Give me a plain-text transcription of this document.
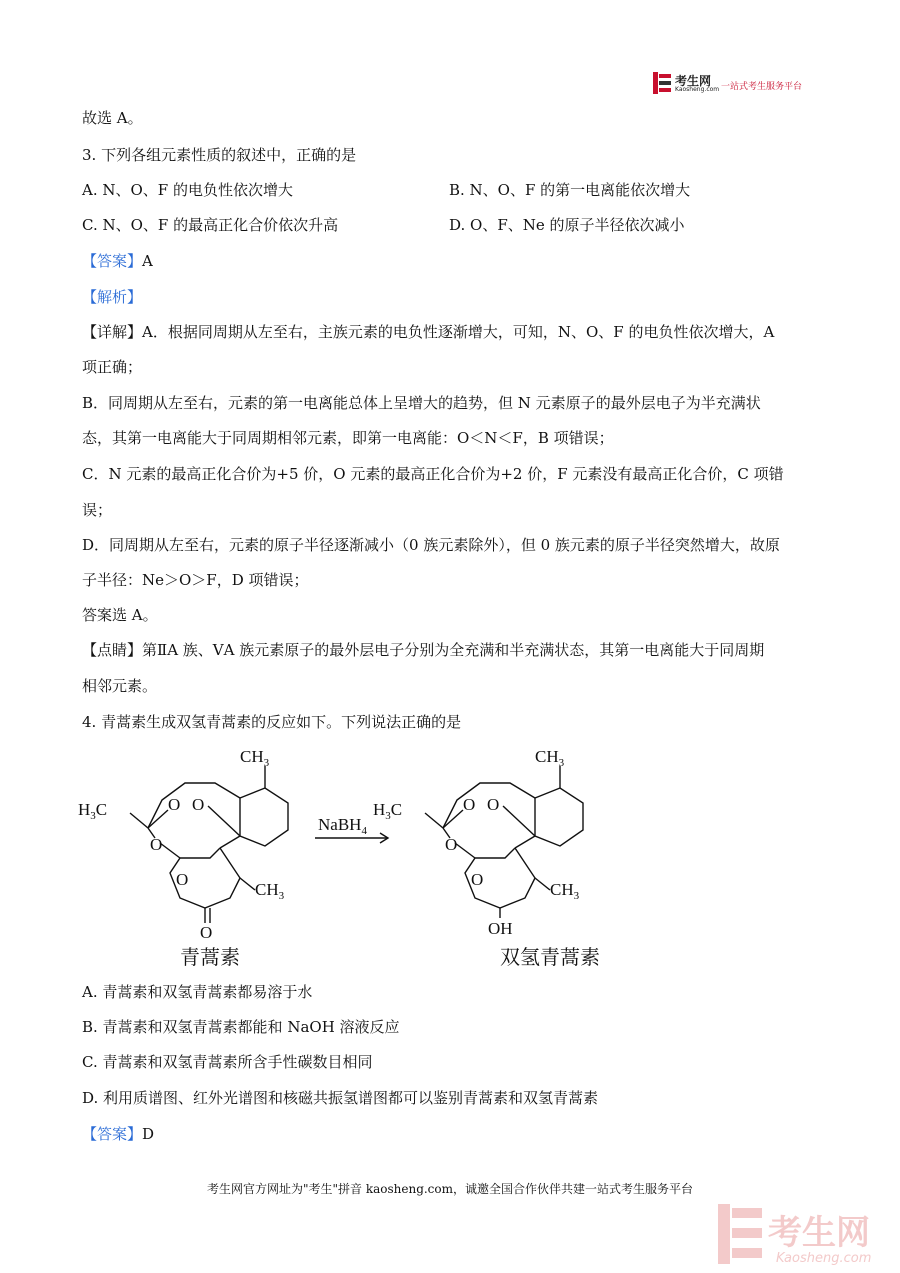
考生网
Kaosheng.com 一站式考生服务平台
故选 A。
3. 下列各组元素性质的叙述中，正确的是
A. N、O、F 的电负性依次增大	B. N、O、F 的第一电离能依次增大
C. N、O、F 的最高正化合价依次升高	D. O、F、Ne 的原子半径依次减小
【答案】A
【解析】
【详解】A．根据同周期从左至右，主族元素的电负性逐渐增大，可知，N、O、F 的电负性依次增大，A
项正确；
B．同周期从左至右，元素的第一电离能总体上呈增大的趋势，但 N 元素原子的最外层电子为半充满状
态，其第一电离能大于同周期相邻元素，即第一电离能：O＜N＜F，B 项错误；
C．N 元素的最高正化合价为+5 价，O 元素的最高正化合价为+2 价，F 元素没有最高正化合价，C 项错
误；
D．同周期从左至右，元素的原子半径逐渐减小（0 族元素除外），但 0 族元素的原子半径突然增大，故原
子半径：Ne＞O＞F，D 项错误；
答案选 A。
【点睛】第ⅡA 族、ⅤA 族元素原子的最外层电子分别为全充满和半充满状态，其第一电离能大于同周期
相邻元素。
4. 青蒿素生成双氢青蒿素的反应如下。下列说法正确的是
$CH_3$
$H_3C$	O O
O
O
$CH_3$
O
NaBH$_4$
$CH_3$
$H_3C$	O O
O
O
$CH_3$
OH
青蒿素	双氢青蒿素
A. 青蒿素和双氢青蒿素都易溶于水
B. 青蒿素和双氢青蒿素都能和 NaOH 溶液反应
C. 青蒿素和双氢青蒿素所含手性碳数目相同
D. 利用质谱图、红外光谱图和核磁共振氢谱图都可以鉴别青蒿素和双氢青蒿素
【答案】D
考生网官方网址为"考生"拼音 kaosheng.com，诚邀全国合作伙伴共建一站式考生服务平台
考生网
Kaosheng.com
